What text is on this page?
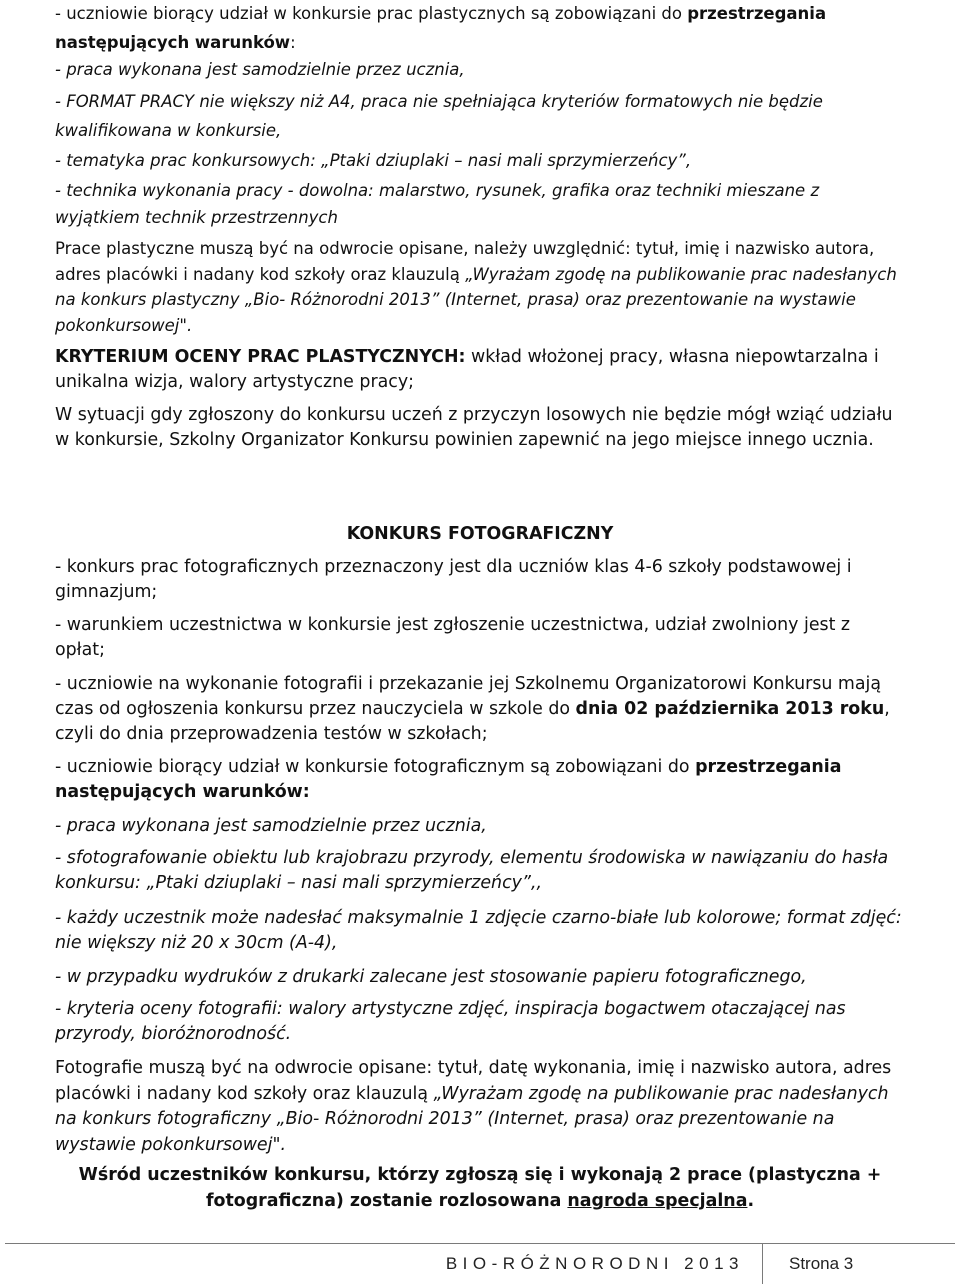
- uczniowie biorący udział w konkursie prac plastycznych są zobowiązani do przestrzegania następujących warunków:

- praca wykonana jest samodzielnie przez ucznia,

- FORMAT PRACY nie większy niż A4, praca nie spełniająca kryteriów formatowych nie będzie kwalifikowana w konkursie,

- tematyka prac konkursowych: „Ptaki dziuplaki – nasi mali sprzymierzeńcy”,

- technika wykonania pracy - dowolna: malarstwo, rysunek, grafika oraz techniki mieszane z wyjątkiem technik przestrzennych

Prace plastyczne muszą być na odwrocie opisane, należy uwzględnić: tytuł, imię i nazwisko autora, adres placówki i nadany kod szkoły oraz klauzulą „Wyrażam zgodę na publikowanie prac nadesłanych na konkurs plastyczny „Bio- Różnorodni 2013” (Internet, prasa) oraz prezentowanie na wystawie pokonkursowej".

KRYTERIUM OCENY PRAC PLASTYCZNYCH: wkład włożonej pracy, własna niepowtarzalna i unikalna wizja, walory artystyczne pracy;

W sytuacji gdy zgłoszony do konkursu uczeń z przyczyn losowych nie będzie mógł wziąć udziału w konkursie, Szkolny Organizator Konkursu powinien zapewnić na jego miejsce innego ucznia.

KONKURS FOTOGRAFICZNY

- konkurs prac fotograficznych przeznaczony jest dla uczniów klas 4-6 szkoły podstawowej i gimnazjum;

- warunkiem uczestnictwa w konkursie jest zgłoszenie uczestnictwa, udział zwolniony jest z opłat;

- uczniowie na wykonanie fotografii i przekazanie jej Szkolnemu Organizatorowi Konkursu mają czas od ogłoszenia konkursu przez nauczyciela w szkole do dnia 02 października 2013 roku, czyli do dnia przeprowadzenia testów w szkołach;

- uczniowie biorący udział w konkursie fotograficznym są zobowiązani do przestrzegania następujących warunków:

- praca wykonana jest samodzielnie przez ucznia,

- sfotografowanie obiektu lub krajobrazu przyrody, elementu środowiska w nawiązaniu do hasła konkursu: „Ptaki dziuplaki – nasi mali sprzymierzeńcy”,,

- każdy uczestnik może nadesłać maksymalnie 1 zdjęcie czarno-białe lub kolorowe; format zdjęć: nie większy niż 20 x 30cm (A-4),

- w przypadku wydruków z drukarki zalecane jest stosowanie papieru fotograficznego,

- kryteria oceny fotografii: walory artystyczne zdjęć, inspiracja bogactwem otaczającej nas przyrody, bioróżnorodność.

Fotografie muszą być na odwrocie opisane: tytuł, datę wykonania, imię i nazwisko autora, adres placówki i nadany kod szkoły oraz klauzulą „Wyrażam zgodę na publikowanie prac nadesłanych na konkurs fotograficzny „Bio- Różnorodni 2013” (Internet, prasa) oraz prezentowanie na wystawie pokonkursowej".

Wśród uczestników konkursu, którzy zgłoszą się i wykonają 2 prace (plastyczna + fotograficzna) zostanie rozlosowana nagroda specjalna.

BIO-RÓŻNORODNI 2013	Strona 3
